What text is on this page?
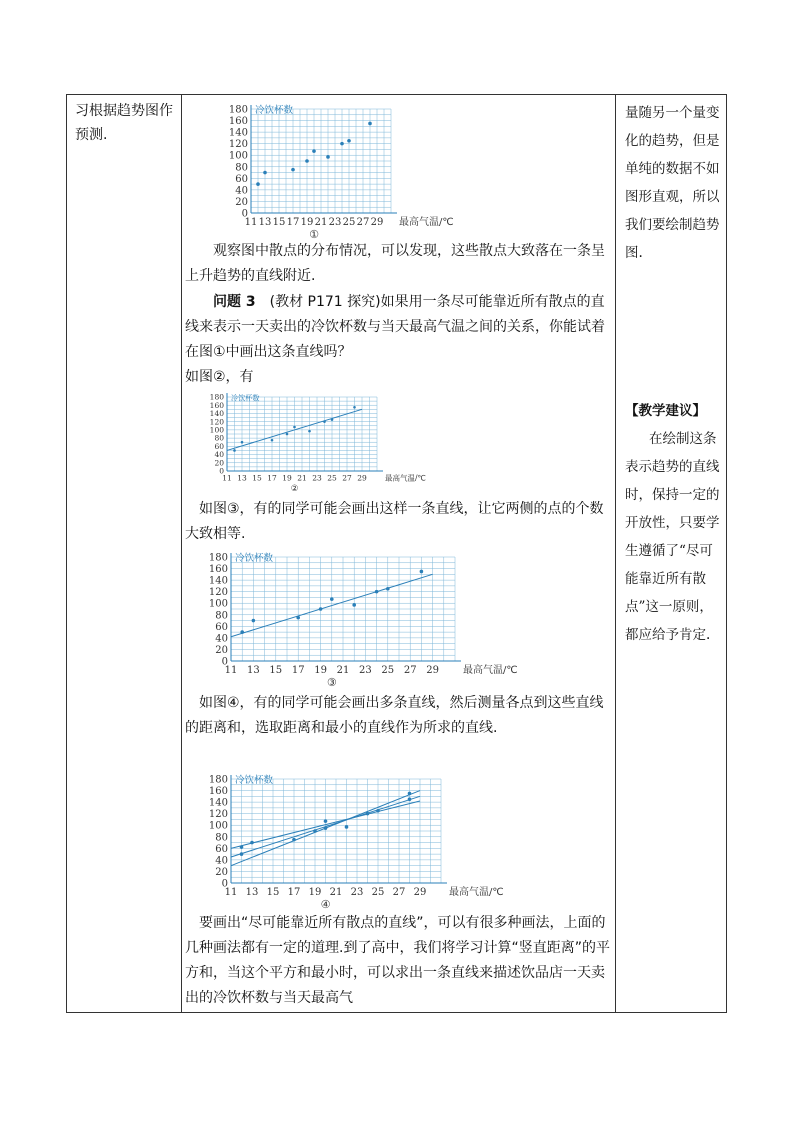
习根据趋势图作预测.
量随另一个量变化的趋势，但是单纯的数据不如图形直观，所以我们要绘制趋势图.
【教学建议】
在绘制这条表示趋势的直线时，保持一定的开放性，只要学生遵循了“尽可能靠近所有散点”这一原则，都应给予肯定.
0
20
40
60
80
100
120
140
160
180
11 13 15 17 19 21 23 25 27 29
冷饮杯数
最高气温/℃
①
观察图中散点的分布情况，可以发现，这些散点大致落在一条呈上升趋势的直线附近.
问题 3　 (教材 P171 探究)如果用一条尽可能靠近所有散点的直线来表示一天卖出的冷饮杯数与当天最高气温之间的关系，你能试着在图①中画出这条直线吗？
如图②，有
0
20
40
60
80
100
120
140
160
180
11 13 15 17 19 21 23 25 27 29
冷饮杯数
最高气温/℃
②
如图③，有的同学可能会画出这样一条直线，让它两侧的点的个数大致相等.
0
20
40
60
80
100
120
140
160
180
11 13 15 17 19 21 23 25 27 29
冷饮杯数
最高气温/℃
③
如图④，有的同学可能会画出多条直线，然后测量各点到这些直线的距离和，选取距离和最小的直线作为所求的直线.
0
20
40
60
80
100
120
140
160
180
11 13 15 17 19 21 23 25 27 29
冷饮杯数
最高气温/℃
④
要画出“尽可能靠近所有散点的直线”，可以有很多种画法，上面的几种画法都有一定的道理.到了高中，我们将学习计算“竖直距离”的平方和，当这个平方和最小时，可以求出一条直线来描述饮品店一天卖出的冷饮杯数与当天最高气
